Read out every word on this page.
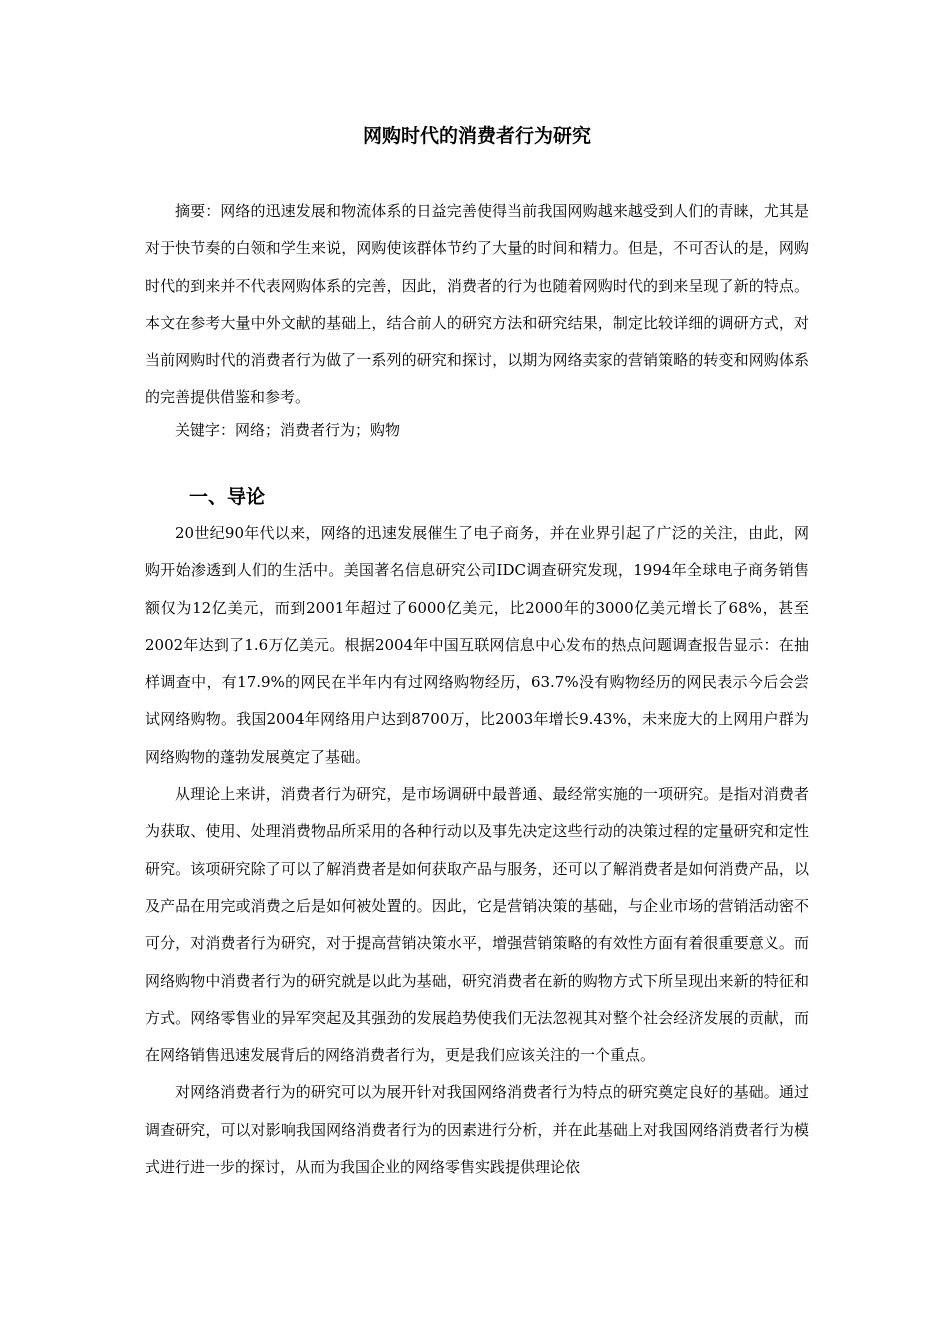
网购时代的消费者行为研究

摘要：网络的迅速发展和物流体系的日益完善使得当前我国网购越来越受到人们的青睐，尤其是对于快节奏的白领和学生来说，网购使该群体节约了大量的时间和精力。但是，不可否认的是，网购时代的到来并不代表网购体系的完善，因此，消费者的行为也随着网购时代的到来呈现了新的特点。本文在参考大量中外文献的基础上，结合前人的研究方法和研究结果，制定比较详细的调研方式，对当前网购时代的消费者行为做了一系列的研究和探讨，以期为网络卖家的营销策略的转变和网购体系的完善提供借鉴和参考。

关键字：网络；消费者行为；购物

一、导论

20世纪90年代以来，网络的迅速发展催生了电子商务，并在业界引起了广泛的关注，由此，网购开始渗透到人们的生活中。美国著名信息研究公司IDC调查研究发现，1994年全球电子商务销售额仅为12亿美元，而到2001年超过了6000亿美元，比2000年的3000亿美元增长了68%，甚至2002年达到了1.6万亿美元。根据2004年中国互联网信息中心发布的热点问题调查报告显示：在抽样调查中，有17.9%的网民在半年内有过网络购物经历，63.7%没有购物经历的网民表示今后会尝试网络购物。我国2004年网络用户达到8700万，比2003年增长9.43%，未来庞大的上网用户群为网络购物的蓬勃发展奠定了基础。

从理论上来讲，消费者行为研究，是市场调研中最普通、最经常实施的一项研究。是指对消费者为获取、使用、处理消费物品所采用的各种行动以及事先决定这些行动的决策过程的定量研究和定性研究。该项研究除了可以了解消费者是如何获取产品与服务，还可以了解消费者是如何消费产品，以及产品在用完或消费之后是如何被处置的。因此，它是营销决策的基础，与企业市场的营销活动密不可分，对消费者行为研究，对于提高营销决策水平，增强营销策略的有效性方面有着很重要意义。而网络购物中消费者行为的研究就是以此为基础，研究消费者在新的购物方式下所呈现出来新的特征和方式。网络零售业的异军突起及其强劲的发展趋势使我们无法忽视其对整个社会经济发展的贡献，而在网络销售迅速发展背后的网络消费者行为，更是我们应该关注的一个重点。

对网络消费者行为的研究可以为展开针对我国网络消费者行为特点的研究奠定良好的基础。通过调查研究，可以对影响我国网络消费者行为的因素进行分析，并在此基础上对我国网络消费者行为模式进行进一步的探讨，从而为我国企业的网络零售实践提供理论依
